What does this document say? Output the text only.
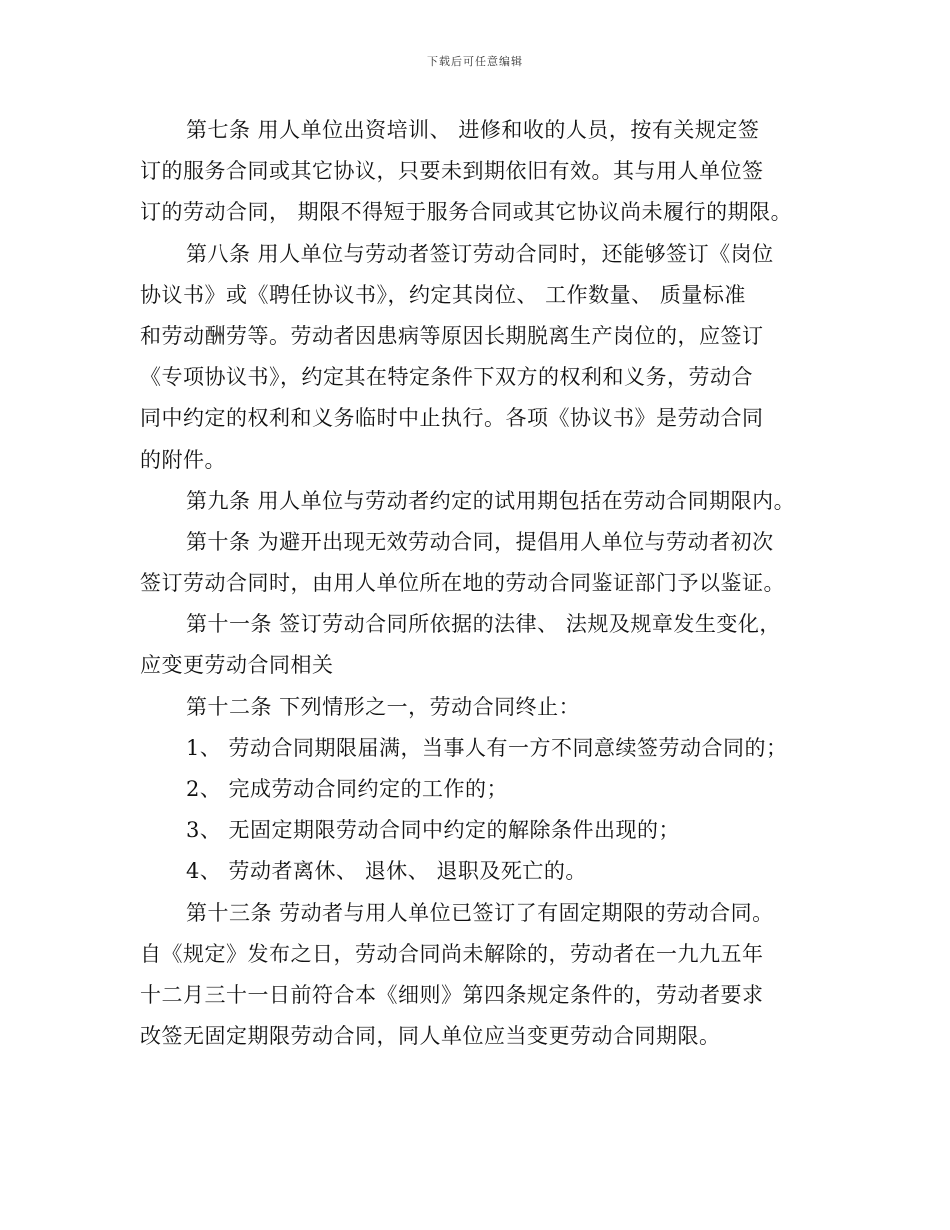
下载后可任意编辑
第七条 用人单位出资培训、 进修和收的人员，按有关规定签
订的服务合同或其它协议，只要未到期依旧有效。其与用人单位签
订的劳动合同， 期限不得短于服务合同或其它协议尚未履行的期限。
第八条 用人单位与劳动者签订劳动合同时，还能够签订《岗位
协议书》或《聘任协议书》，约定其岗位、 工作数量、 质量标准
和劳动酬劳等。劳动者因患病等原因长期脱离生产岗位的，应签订
《专项协议书》，约定其在特定条件下双方的权利和义务，劳动合
同中约定的权利和义务临时中止执行。各项《协议书》是劳动合同
的附件。
第九条 用人单位与劳动者约定的试用期包括在劳动合同期限内。
第十条 为避开出现无效劳动合同，提倡用人单位与劳动者初次
签订劳动合同时，由用人单位所在地的劳动合同鉴证部门予以鉴证。
第十一条 签订劳动合同所依据的法律、 法规及规章发生变化，
应变更劳动合同相关
第十二条 下列情形之一，劳动合同终止：
1、 劳动合同期限届满，当事人有一方不同意续签劳动合同的；
2、 完成劳动合同约定的工作的；
3、 无固定期限劳动合同中约定的解除条件出现的；
4、 劳动者离休、 退休、 退职及死亡的。
第十三条 劳动者与用人单位已签订了有固定期限的劳动合同。
自《规定》发布之日，劳动合同尚未解除的，劳动者在一九九五年
十二月三十一日前符合本《细则》第四条规定条件的，劳动者要求
改签无固定期限劳动合同，同人单位应当变更劳动合同期限。
